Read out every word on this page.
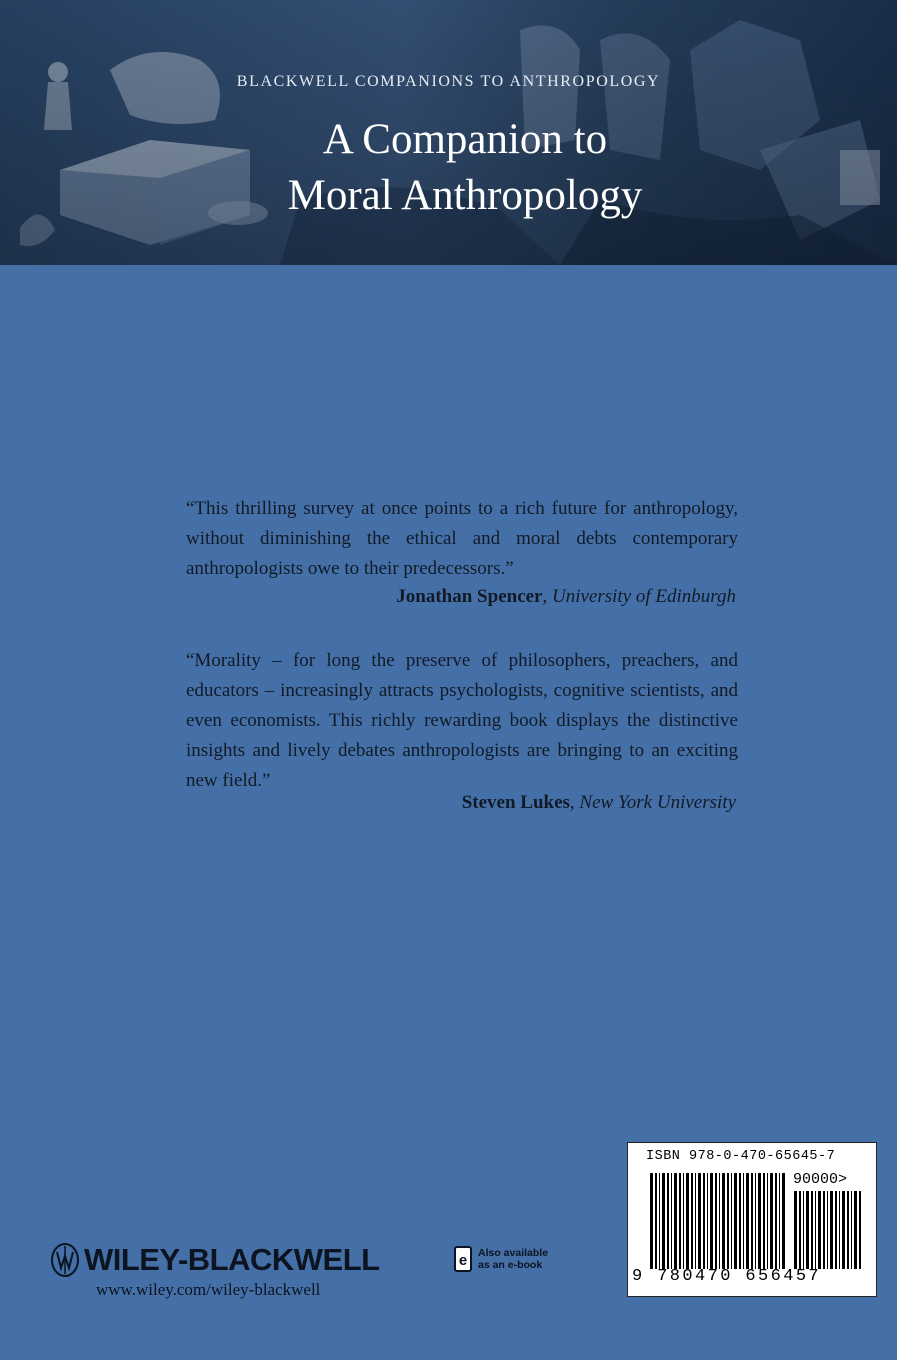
BLACKWELL COMPANIONS TO ANTHROPOLOGY
A Companion to
Moral Anthropology
“This thrilling survey at once points to a rich future for anthropology, without diminishing the ethical and moral debts contemporary anthropologists owe to their predecessors.”
Jonathan Spencer, University of Edinburgh
“Morality – for long the preserve of philosophers, preachers, and educators – increasingly attracts psychologists, cognitive scientists, and even economists. This richly rewarding book displays the distinctive insights and lively debates anthropologists are bringing to an exciting new field.”
Steven Lukes, New York University
WILEY-BLACKWELL
www.wiley.com/wiley-blackwell
e Also available
as an e-book
ISBN 978-0-470-65645-7
90000>
9 780470 656457
